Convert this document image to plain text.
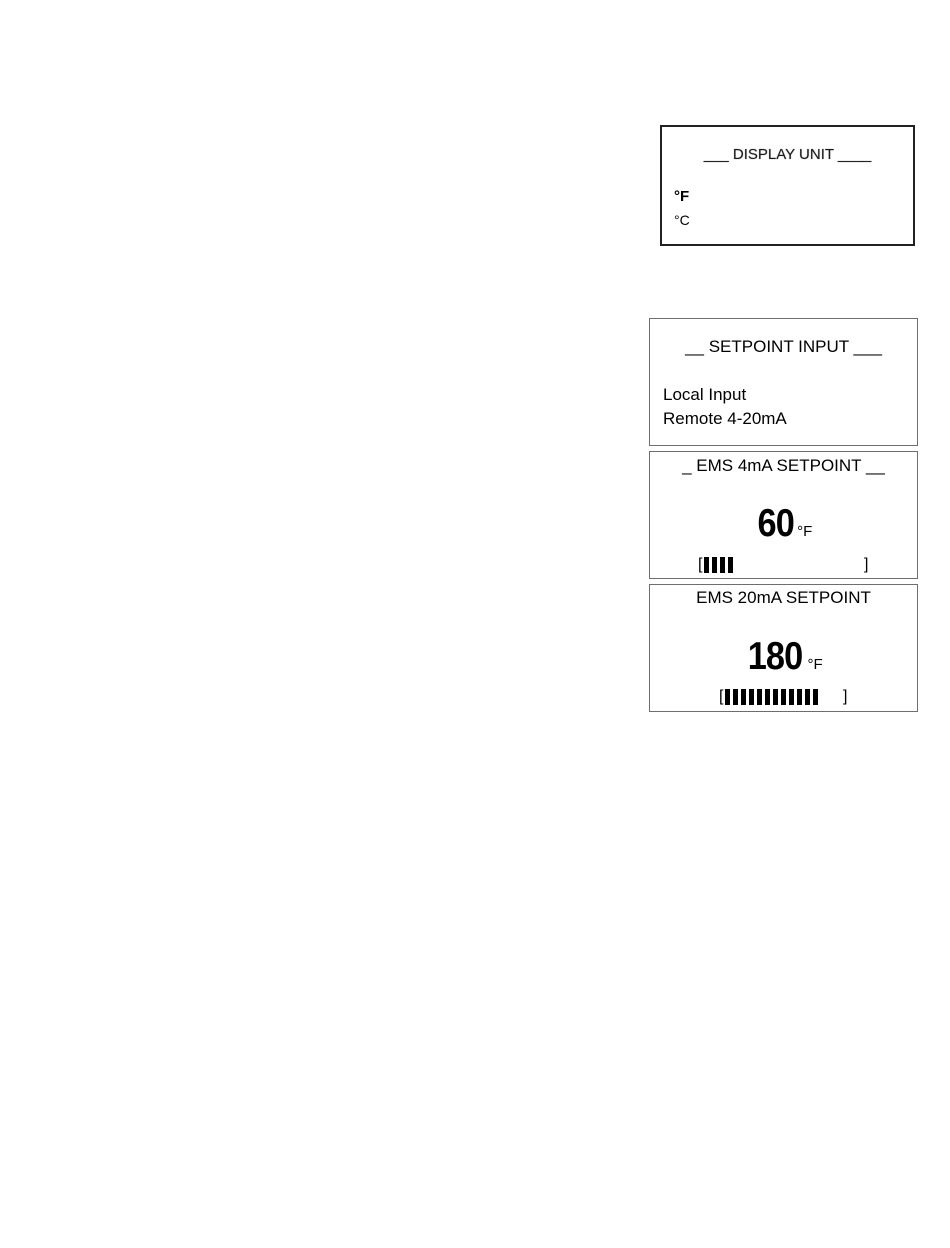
___ DISPLAY UNIT ____
°F
°C
__ SETPOINT INPUT ___
Local Input
Remote 4-20mA
_ EMS 4mA SETPOINT __
60 °F
[	]
EMS 20mA SETPOINT
180 °F
[	]
